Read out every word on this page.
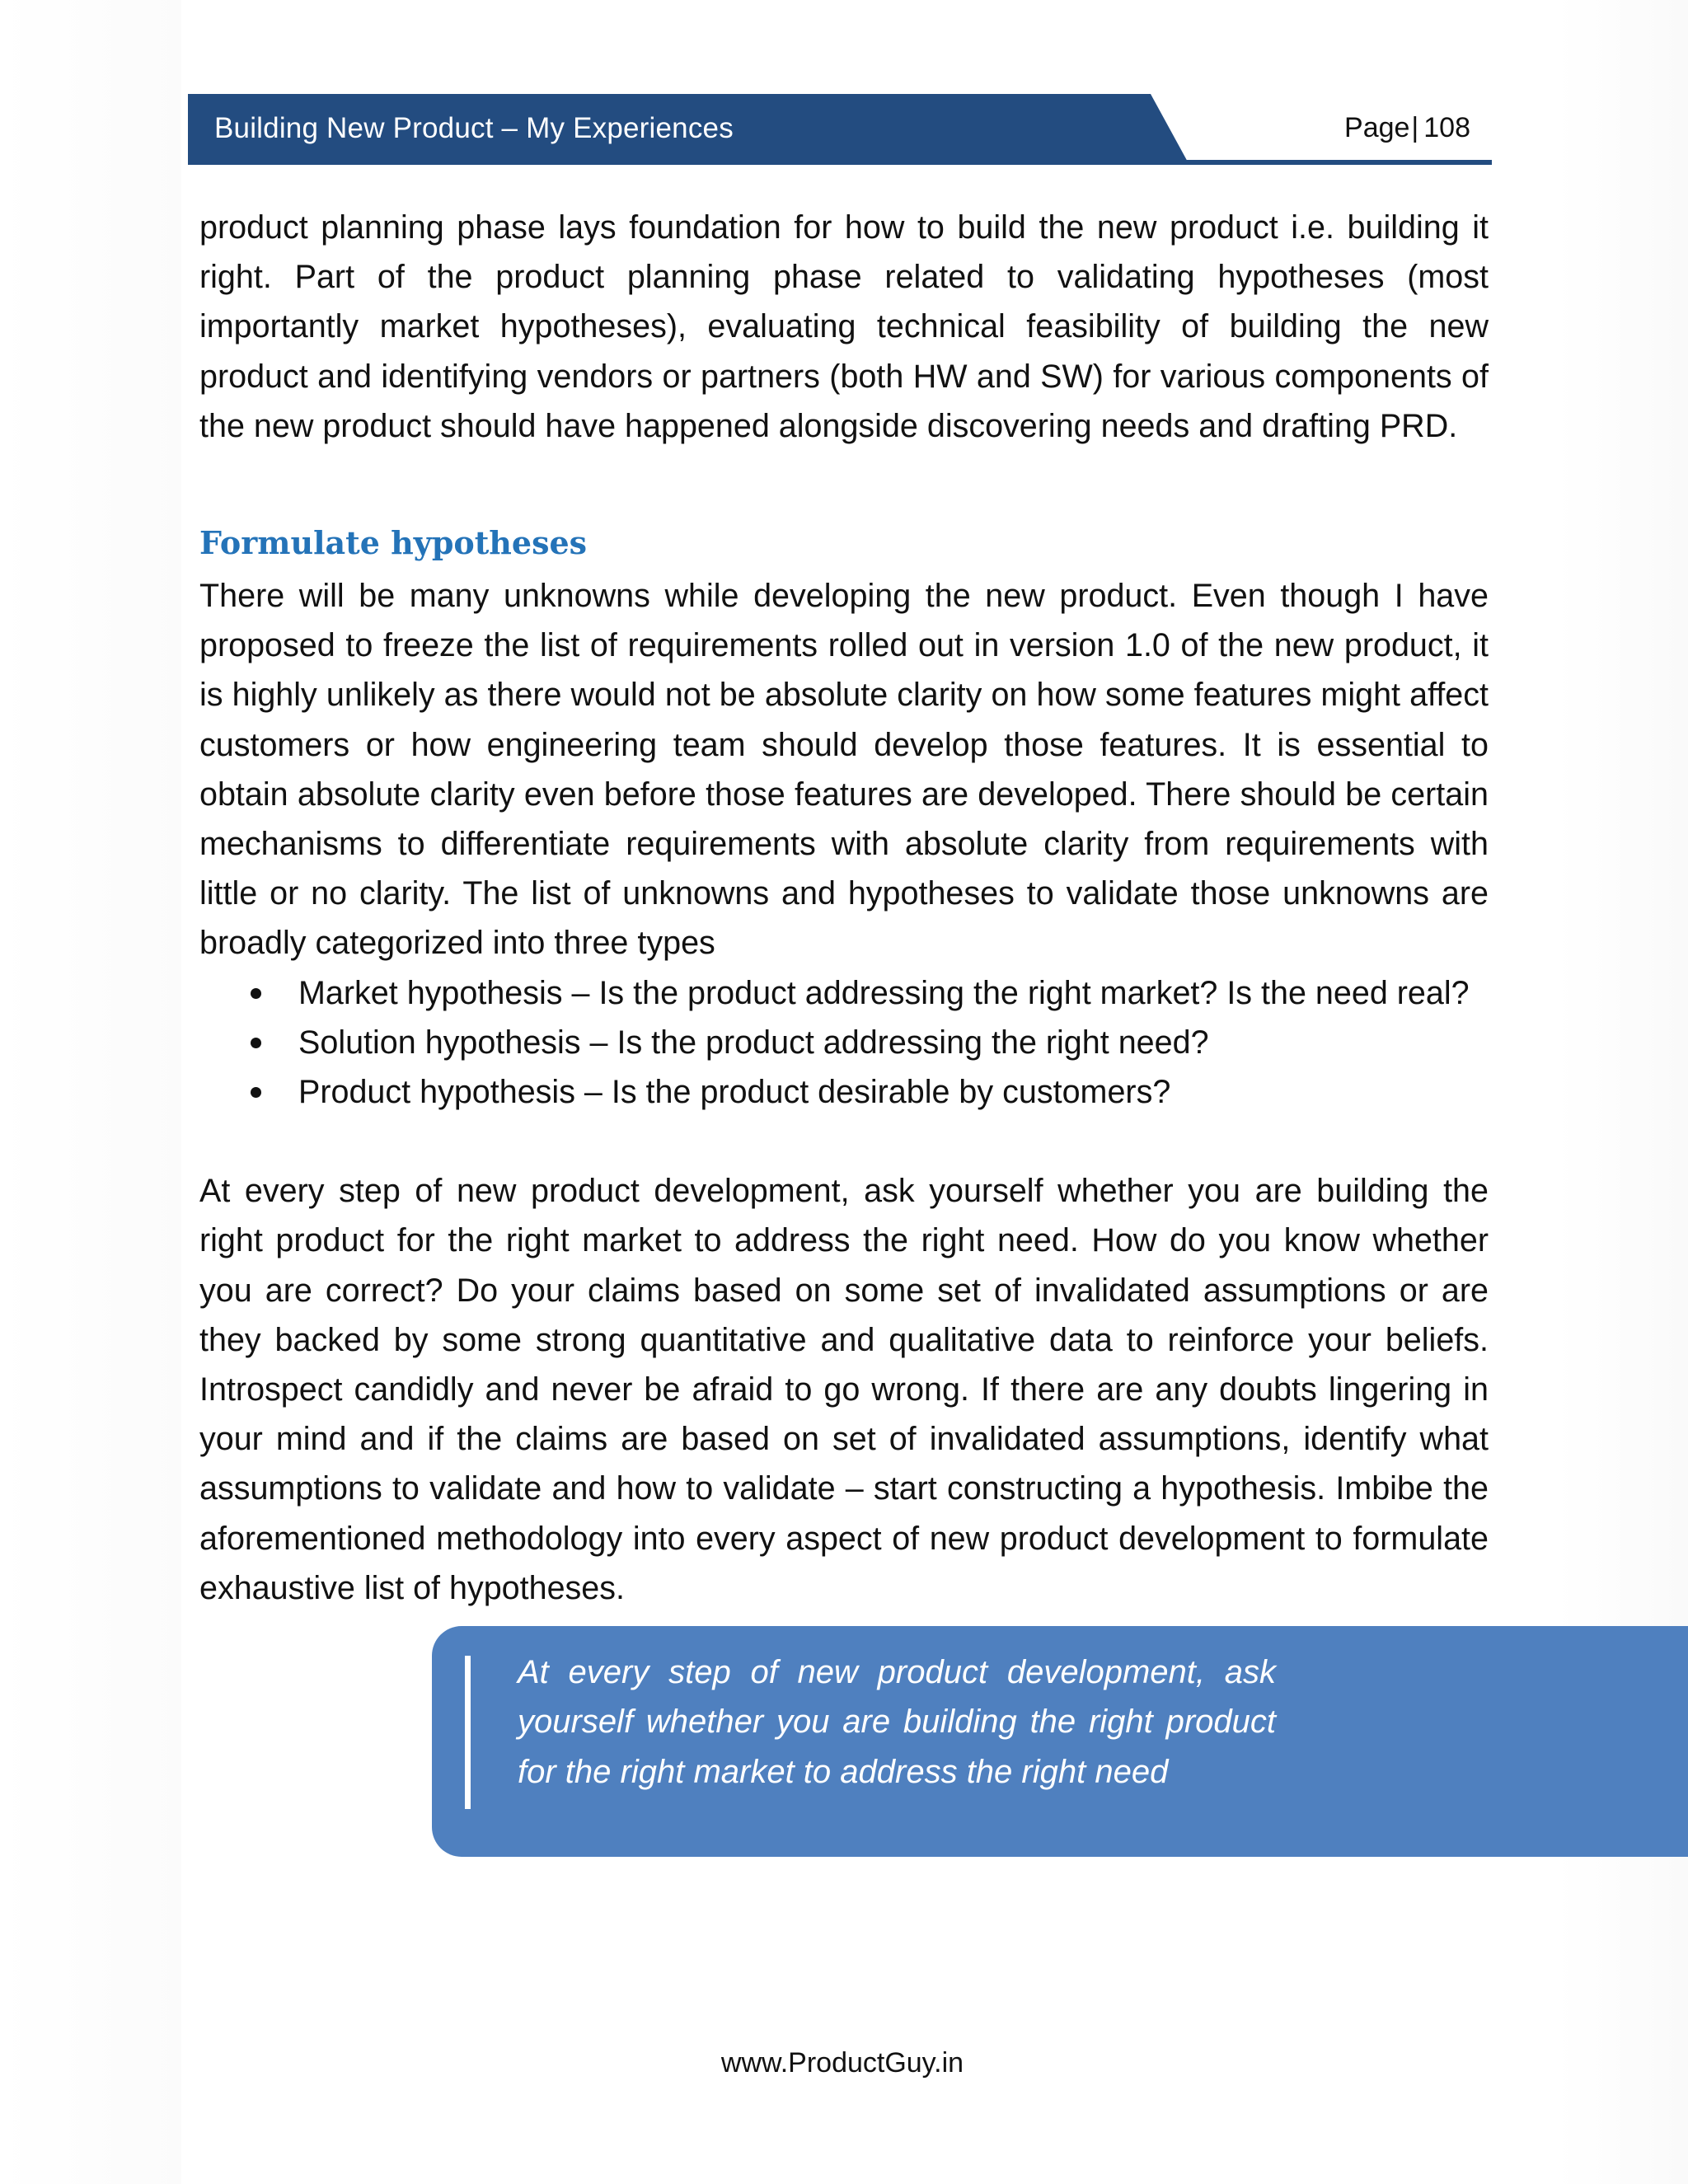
Building New Product – My Experiences	Page| 108

product planning phase lays foundation for how to build the new product i.e. building it right. Part of the product planning phase related to validating hypotheses (most importantly market hypotheses), evaluating technical feasibility of building the new product and identifying vendors or partners (both HW and SW) for various components of the new product should have happened alongside discovering needs and drafting PRD.

Formulate hypotheses

There will be many unknowns while developing the new product. Even though I have proposed to freeze the list of requirements rolled out in version 1.0 of the new product, it is highly unlikely as there would not be absolute clarity on how some features might affect customers or how engineering team should develop those features. It is essential to obtain absolute clarity even before those features are developed. There should be certain mechanisms to differentiate requirements with absolute clarity from requirements with little or no clarity. The list of unknowns and hypotheses to validate those unknowns are broadly categorized into three types

Market hypothesis – Is the product addressing the right market? Is the need real?
Solution hypothesis – Is the product addressing the right need?
Product hypothesis – Is the product desirable by customers?

At every step of new product development, ask yourself whether you are building the right product for the right market to address the right need. How do you know whether you are correct? Do your claims based on some set of invalidated assumptions or are they backed by some strong quantitative and qualitative data to reinforce your beliefs. Introspect candidly and never be afraid to go wrong. If there are any doubts lingering in your mind and if the claims are based on set of invalidated assumptions, identify what assumptions to validate and how to validate – start constructing a hypothesis. Imbibe the aforementioned methodology into every aspect of new product development to formulate exhaustive list of hypotheses.

At every step of new product development, ask yourself whether you are building the right product for the right market to address the right need

www.ProductGuy.in
